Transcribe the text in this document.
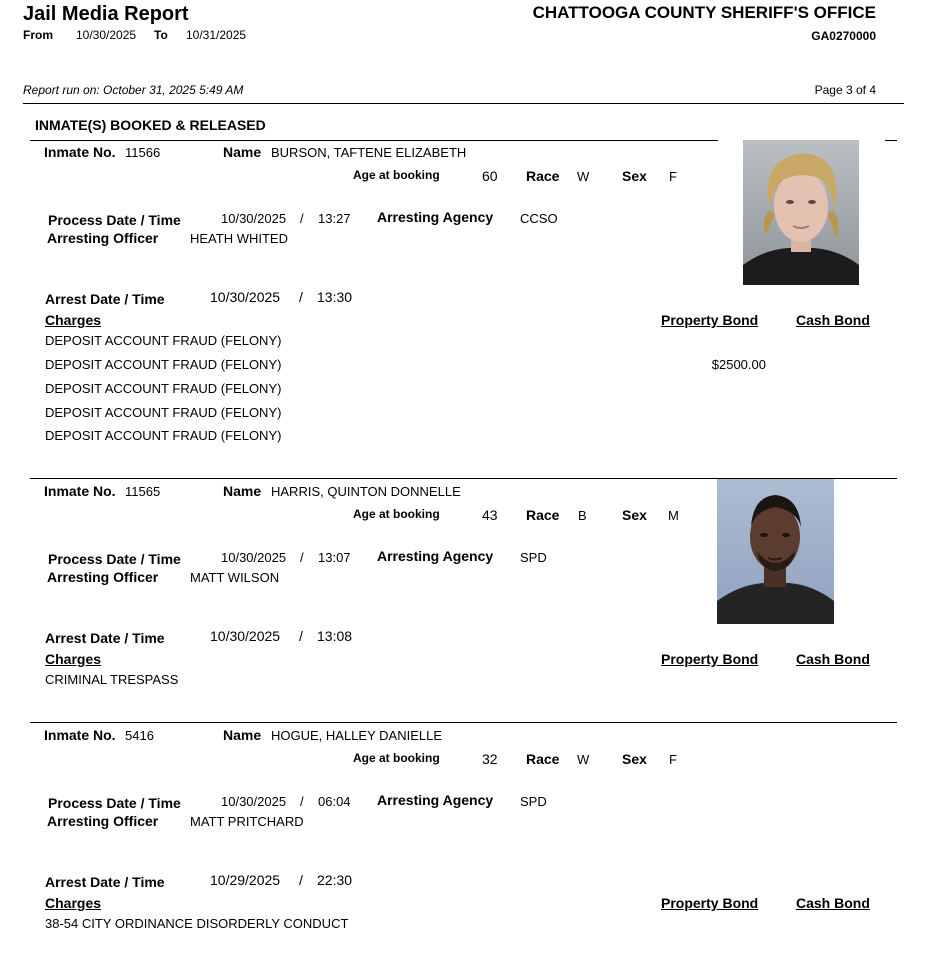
Jail Media Report
From 10/30/2025 To 10/31/2025
CHATTOOGA COUNTY SHERIFF'S OFFICE
GA0270000
Report run on: October 31, 2025 5:49 AM	Page 3 of 4
INMATE(S) BOOKED & RELEASED
Inmate No. 11566	Name BURSON, TAFTENE ELIZABETH
Age at booking	60 Race W Sex F
Process Date / Time	10/30/2025 / 13:27 Arresting Agency CCSO
Arresting Officer HEATH WHITED
Arrest Date / Time	10/30/2025 / 13:30
Charges	Property Bond	Cash Bond
DEPOSIT ACCOUNT FRAUD (FELONY)
DEPOSIT ACCOUNT FRAUD (FELONY)	$2500.00
DEPOSIT ACCOUNT FRAUD (FELONY)
DEPOSIT ACCOUNT FRAUD (FELONY)
DEPOSIT ACCOUNT FRAUD (FELONY)
Inmate No. 11565	Name HARRIS, QUINTON DONNELLE
Age at booking	43 Race B	Sex M
Process Date / Time	10/30/2025 / 13:07 Arresting Agency SPD
Arresting Officer MATT WILSON
Arrest Date / Time	10/30/2025 / 13:08
Charges	Property Bond	Cash Bond
CRIMINAL TRESPASS
Inmate No. 5416	Name HOGUE, HALLEY DANIELLE
Age at booking	32 Race W Sex F
Process Date / Time	10/30/2025 / 06:04 Arresting Agency SPD
Arresting Officer MATT PRITCHARD
Arrest Date / Time	10/29/2025 / 22:30
Charges	Property Bond	Cash Bond
38-54 CITY ORDINANCE DISORDERLY CONDUCT
